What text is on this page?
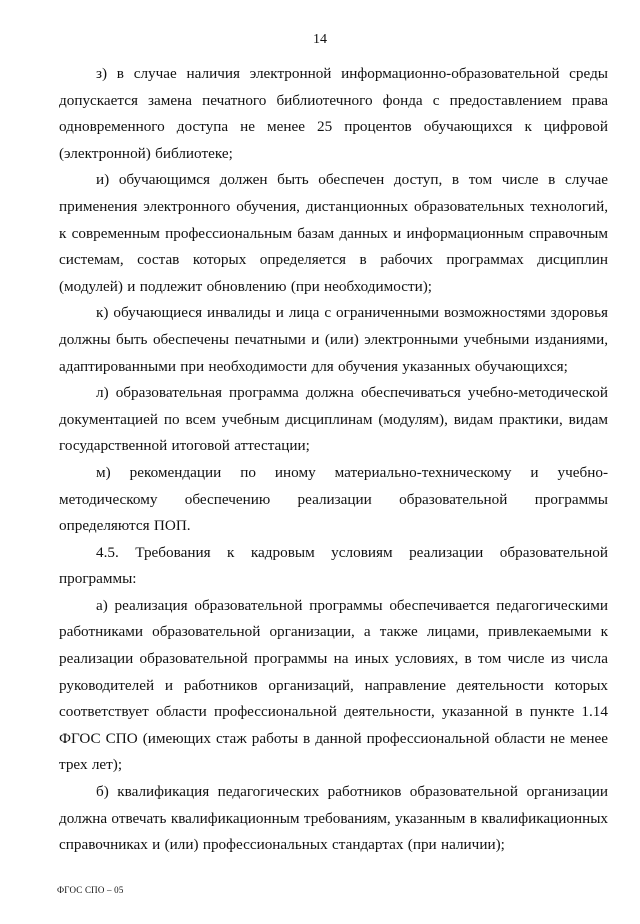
14

з) в случае наличия электронной информационно-образовательной среды допускается замена печатного библиотечного фонда с предоставлением права одновременного доступа не менее 25 процентов обучающихся к цифровой (электронной) библиотеке;

и) обучающимся должен быть обеспечен доступ, в том числе в случае применения электронного обучения, дистанционных образовательных технологий, к современным профессиональным базам данных и информационным справочным системам, состав которых определяется в рабочих программах дисциплин (модулей) и подлежит обновлению (при необходимости);

к) обучающиеся инвалиды и лица с ограниченными возможностями здоровья должны быть обеспечены печатными и (или) электронными учебными изданиями, адаптированными при необходимости для обучения указанных обучающихся;

л) образовательная программа должна обеспечиваться учебно-методической документацией по всем учебным дисциплинам (модулям), видам практики, видам государственной итоговой аттестации;

м) рекомендации по иному материально-техническому и учебно-методическому обеспечению реализации образовательной программы определяются ПОП.

4.5. Требования к кадровым условиям реализации образовательной программы:

а) реализация образовательной программы обеспечивается педагогическими работниками образовательной организации, а также лицами, привлекаемыми к реализации образовательной программы на иных условиях, в том числе из числа руководителей и работников организаций, направление деятельности которых соответствует области профессиональной деятельности, указанной в пункте 1.14 ФГОС СПО (имеющих стаж работы в данной профессиональной области не менее трех лет);

б) квалификация педагогических работников образовательной организации должна отвечать квалификационным требованиям, указанным в квалификационных справочниках и (или) профессиональных стандартах (при наличии);

ФГОС СПО – 05
